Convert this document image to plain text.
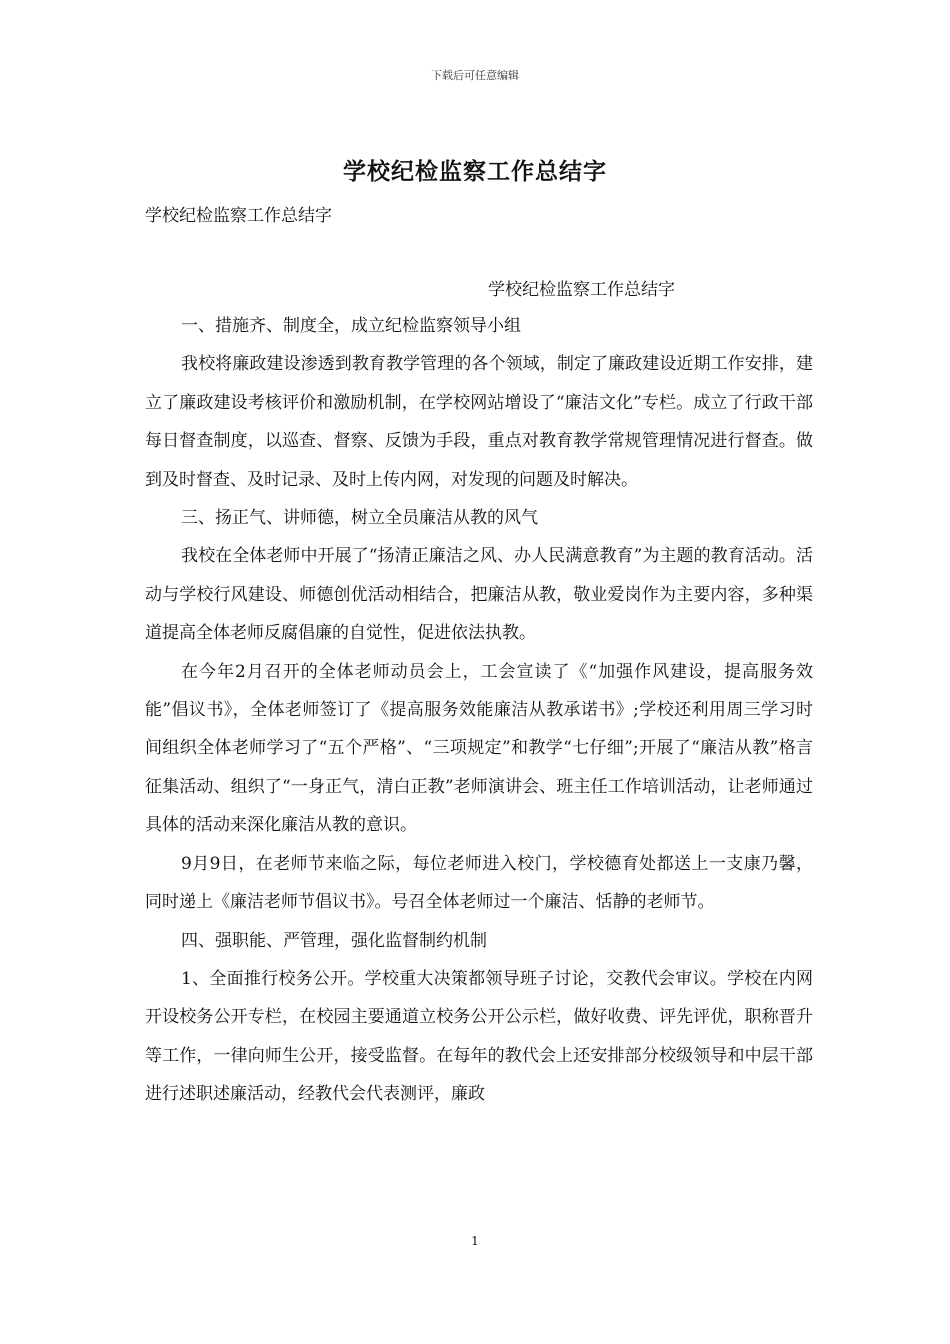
下载后可任意编辑
学校纪检监察工作总结字
学校纪检监察工作总结字
学校纪检监察工作总结字

一、措施齐、制度全，成立纪检监察领导小组

我校将廉政建设渗透到教育教学管理的各个领域，制定了廉政建设近期工作安排，建立了廉政建设考核评价和激励机制，在学校网站增设了“廉洁文化”专栏。成立了行政干部每日督查制度，以巡查、督察、反馈为手段，重点对教育教学常规管理情况进行督查。做到及时督查、及时记录、及时上传内网，对发现的问题及时解决。

三、扬正气、讲师德，树立全员廉洁从教的风气

我校在全体老师中开展了“扬清正廉洁之风、办人民满意教育”为主题的教育活动。活动与学校行风建设、师德创优活动相结合，把廉洁从教，敬业爱岗作为主要内容，多种渠道提高全体老师反腐倡廉的自觉性，促进依法执教。

在今年2月召开的全体老师动员会上，工会宣读了《“加强作风建设，提高服务效能”倡议书》，全体老师签订了《提高服务效能廉洁从教承诺书》;学校还利用周三学习时间组织全体老师学习了“五个严格”、“三项规定”和教学“七仔细”;开展了“廉洁从教”格言征集活动、组织了“一身正气，清白正教”老师演讲会、班主任工作培训活动，让老师通过具体的活动来深化廉洁从教的意识。

9月9日，在老师节来临之际，每位老师进入校门，学校德育处都送上一支康乃馨，同时递上《廉洁老师节倡议书》。号召全体老师过一个廉洁、恬静的老师节。

四、强职能、严管理，强化监督制约机制

1、全面推行校务公开。学校重大决策都领导班子讨论，交教代会审议。学校在内网开设校务公开专栏，在校园主要通道立校务公开公示栏，做好收费、评先评优，职称晋升等工作，一律向师生公开，接受监督。在每年的教代会上还安排部分校级领导和中层干部进行述职述廉活动，经教代会代表测评，廉政

1
